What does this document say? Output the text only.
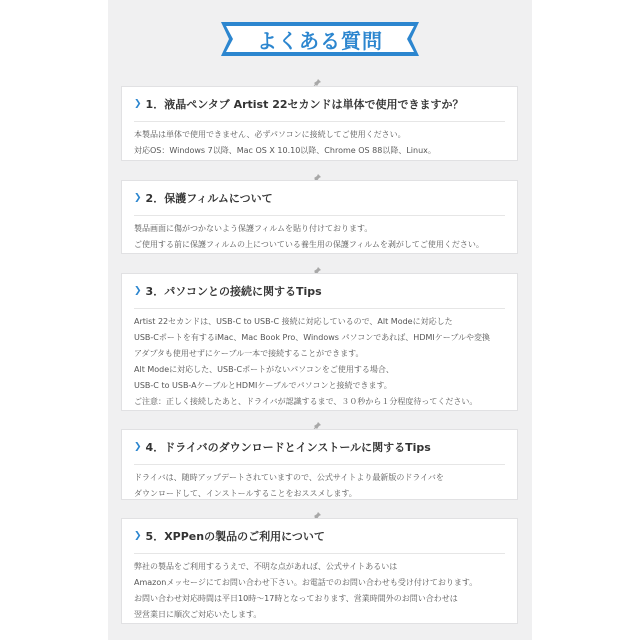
よくある質問
❯ 1．液晶ペンタブ Artist 22セカンドは単体で使用できますか？
本製品は単体で使用できません、必ずパソコンに接続してご使用ください。
対応OS：Windows 7以降、Mac OS X 10.10以降、Chrome OS 88以降、Linux。
❯ 2．保護フィルムについて
製品画面に傷がつかないよう保護フィルムを貼り付けております。
ご使用する前に保護フィルムの上についている養生用の保護フィルムを剥がしてご使用ください。
❯ 3．パソコンとの接続に関するTips
Artist 22セカンドは、USB-C to USB-C 接続に対応しているので、Alt Modeに対応した
USB-Cポートを有するiMac、Mac Book Pro、Windows パソコンであれば、HDMIケーブルや変換
アダプタも使用せずにケーブル一本で接続することができます。
Alt Modeに対応した、USB-Cポートがないパソコンをご使用する場合、
USB-C to USB-AケーブルとHDMIケーブルでパソコンと接続できます。
ご注意：正しく接続したあと、ドライバが認識するまで、３０秒から１分程度待ってください。
❯ 4．ドライバのダウンロードとインストールに関するTips
ドライバは、随時アップデートされていますので、公式サイトより最新版のドライバを
ダウンロードして、インストールすることをおススメします。
❯ 5．XPPenの製品のご利用について
弊社の製品をご利用するうえで、不明な点があれば、公式サイトあるいは
Amazonメッセージにてお問い合わせ下さい。お電話でのお問い合わせも受け付けております。
お問い合わせ対応時間は平日10時〜17時となっております、営業時間外のお問い合わせは
翌営業日に順次ご対応いたします。
